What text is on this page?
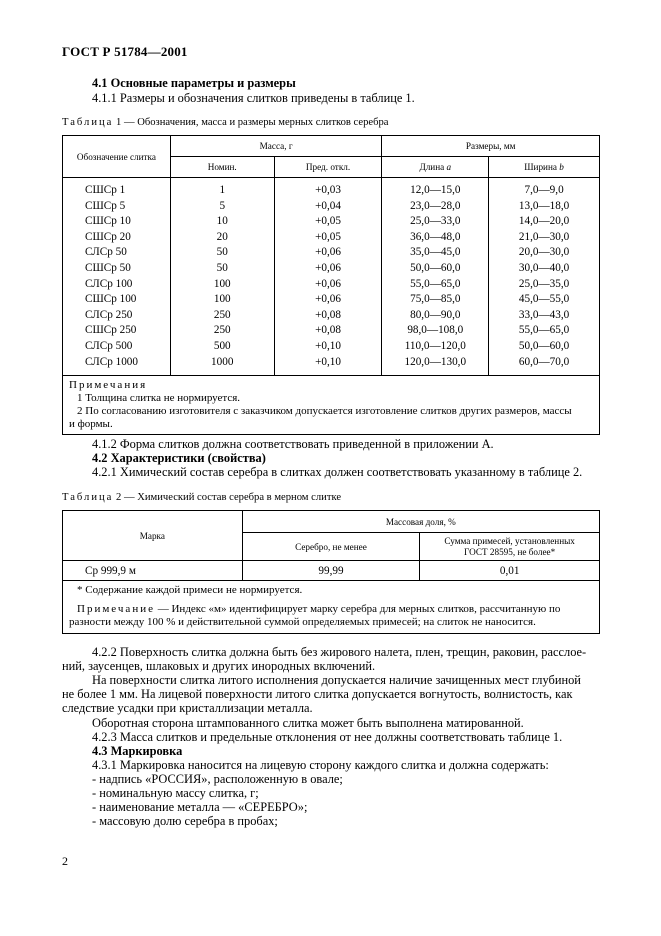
ГОСТ Р 51784—2001
4.1 Основные параметры и размеры
4.1.1 Размеры и обозначения слитков приведены в таблице 1.
Таблица 1 — Обозначения, масса и размеры мерных слитков серебра
Обозначение слитка	Масса, г		Размеры, мм	
	Номин.	Пред. откл.	Длина a	Ширина b
СШСр 1	1	+0,03	12,0—15,0	7,0—9,0
СШСр 5	5	+0,04	23,0—28,0	13,0—18,0
СШСр 10	10	+0,05	25,0—33,0	14,0—20,0
СШСр 20	20	+0,05	36,0—48,0	21,0—30,0
СЛСр 50	50	+0,06	35,0—45,0	20,0—30,0
СШСр 50	50	+0,06	50,0—60,0	30,0—40,0
СЛСр 100	100	+0,06	55,0—65,0	25,0—35,0
СШСр 100	100	+0,06	75,0—85,0	45,0—55,0
СЛСр 250	250	+0,08	80,0—90,0	33,0—43,0
СШСр 250	250	+0,08	98,0—108,0	55,0—65,0
СЛСр 500	500	+0,10	110,0—120,0	50,0—60,0
СЛСр 1000	1000	+0,10	120,0—130,0	60,0—70,0

Примечания
1 Толщина слитка не нормируется.
2 По согласованию изготовителя с заказчиком допускается изготовление слитков других размеров, массы
и формы.				
4.1.2 Форма слитков должна соответствовать приведенной в приложении А.
4.2 Характеристики (свойства)
4.2.1 Химический состав серебра в слитках должен соответствовать указанному в таблице 2.
Таблица 2 — Химический состав серебра в мерном слитке
Марка	Массовая доля, %	
	Серебро, не менее	Сумма примесей, установленных
ГОСТ 28595, не более*

Ср 999,9 м	99,99	0,01

* Содержание каждой примеси не нормируется.
Примечание — Индекс «м» идентифицирует марку серебра для мерных слитков, рассчитанную по
разности между 100 % и действительной суммой определяемых примесей; на слиток не наносится.		
4.2.2 Поверхность слитка должна быть без жирового налета, плен, трещин, раковин, расслое-
ний, заусенцев, шлаковых и других инородных включений.
На поверхности слитка литого исполнения допускается наличие зачищенных мест глубиной
не более 1 мм. На лицевой поверхности литого слитка допускается вогнутость, волнистость, как
следствие усадки при кристаллизации металла.
Оборотная сторона штампованного слитка может быть выполнена матированной.
4.2.3 Масса слитков и предельные отклонения от нее должны соответствовать таблице 1.
4.3 Маркировка
4.3.1 Маркировка наносится на лицевую сторону каждого слитка и должна содержать:
- надпись «РОССИЯ», расположенную в овале;
- номинальную массу слитка, г;
- наименование металла — «СЕРЕБРО»;
- массовую долю серебра в пробах;
2
